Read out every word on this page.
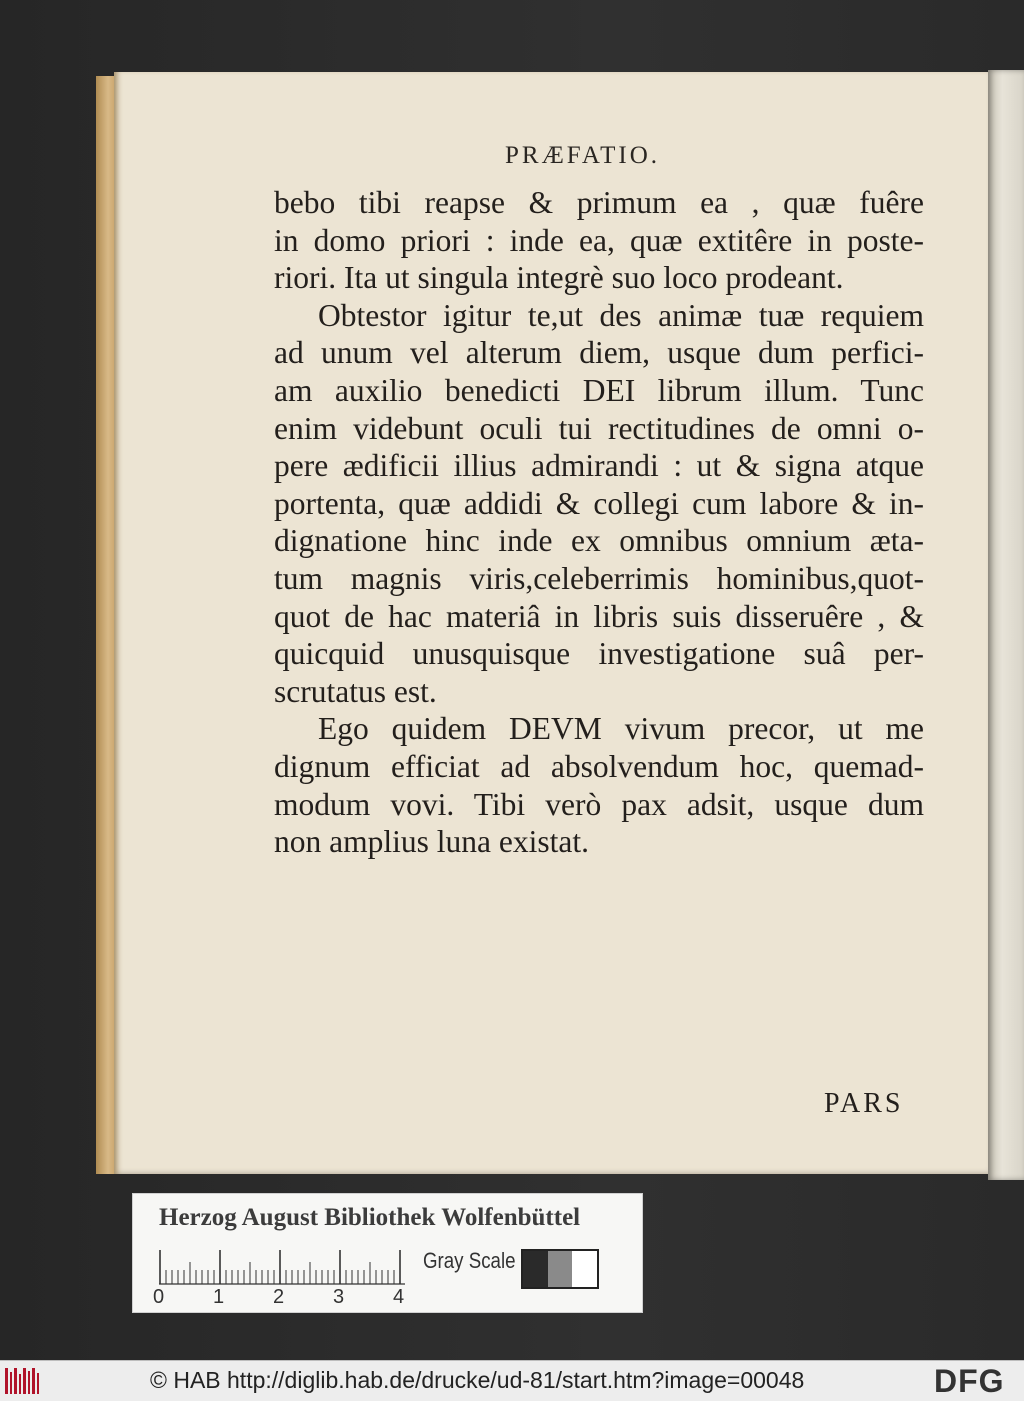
PRÆFATIO.
bebo tibi reapse & primum ea , quæ fuêre
in domo priori : inde ea, quæ extitêre in poste-
riori. Ita ut singula integrè suo loco prodeant.
Obtestor igitur te,ut des animæ tuæ requiem
ad unum vel alterum diem, usque dum perfici-
am auxilio benedicti DEI librum illum. Tunc
enim videbunt oculi tui rectitudines de omni o-
pere ædificii illius admirandi : ut & signa atque
portenta, quæ addidi & collegi cum labore & in-
dignatione hinc inde ex omnibus omnium æta-
tum magnis viris,celeberrimis hominibus,quot-
quot de hac materiâ in libris suis disseruêre , &
quicquid unusquisque investigatione suâ per-
scrutatus est.
Ego quidem DEVM vivum precor, ut me
dignum efficiat ad absolvendum hoc, quemad-
modum vovi. Tibi verò pax adsit, usque dum
non amplius luna existat.
PARS
Herzog August Bibliothek Wolfenbüttel
0 1 2 3 4
Gray Scale
© HAB http://diglib.hab.de/drucke/ud-81/start.htm?image=00048	DFG
